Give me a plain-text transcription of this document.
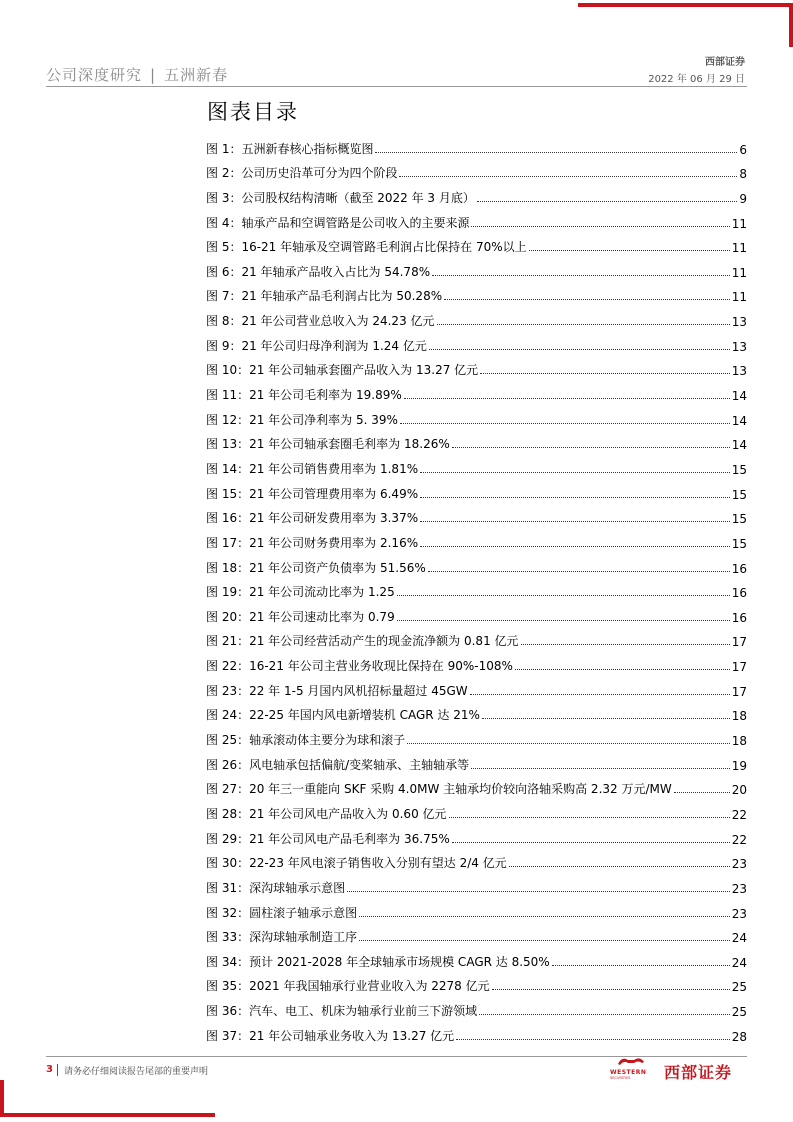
公司深度研究 | 五洲新春
西部证券
2022 年 06 月 29 日
图表目录
图 1：五洲新春核心指标概览图	6
图 2：公司历史沿革可分为四个阶段	8
图 3：公司股权结构清晰（截至 2022 年 3 月底）	9
图 4：轴承产品和空调管路是公司收入的主要来源	11
图 5：16-21 年轴承及空调管路毛利润占比保持在 70%以上	11
图 6：21 年轴承产品收入占比为 54.78%	11
图 7：21 年轴承产品毛利润占比为 50.28%	11
图 8：21 年公司营业总收入为 24.23 亿元	13
图 9：21 年公司归母净利润为 1.24 亿元	13
图 10：21 年公司轴承套圈产品收入为 13.27 亿元	13
图 11：21 年公司毛利率为 19.89%	14
图 12：21 年公司净利率为 5. 39%	14
图 13：21 年公司轴承套圈毛利率为 18.26%	14
图 14：21 年公司销售费用率为 1.81%	15
图 15：21 年公司管理费用率为 6.49%	15
图 16：21 年公司研发费用率为 3.37%	15
图 17：21 年公司财务费用率为 2.16%	15
图 18：21 年公司资产负债率为 51.56%	16
图 19：21 年公司流动比率为 1.25	16
图 20：21 年公司速动比率为 0.79	16
图 21：21 年公司经营活动产生的现金流净额为 0.81 亿元	17
图 22：16-21 年公司主营业务收现比保持在 90%-108%	17
图 23：22 年 1-5 月国内风机招标量超过 45GW	17
图 24：22-25 年国内风电新增装机 CAGR 达 21%	18
图 25：轴承滚动体主要分为球和滚子	18
图 26：风电轴承包括偏航/变桨轴承、主轴轴承等	19
图 27：20 年三一重能向 SKF 采购 4.0MW 主轴承均价较向洛轴采购高 2.32 万元/MW	20
图 28：21 年公司风电产品收入为 0.60 亿元	22
图 29：21 年公司风电产品毛利率为 36.75%	22
图 30：22-23 年风电滚子销售收入分别有望达 2/4 亿元	23
图 31：深沟球轴承示意图	23
图 32：圆柱滚子轴承示意图	23
图 33：深沟球轴承制造工序	24
图 34：预计 2021-2028 年全球轴承市场规模 CAGR 达 8.50%	24
图 35：2021 年我国轴承行业营业收入为 2278 亿元	25
图 36：汽车、电工、机床为轴承行业前三下游领域	25
图 37：21 年公司轴承业务收入为 13.27 亿元	28
3 请务必仔细阅读报告尾部的重要声明	WESTERN
SECURITIES 西部证券
